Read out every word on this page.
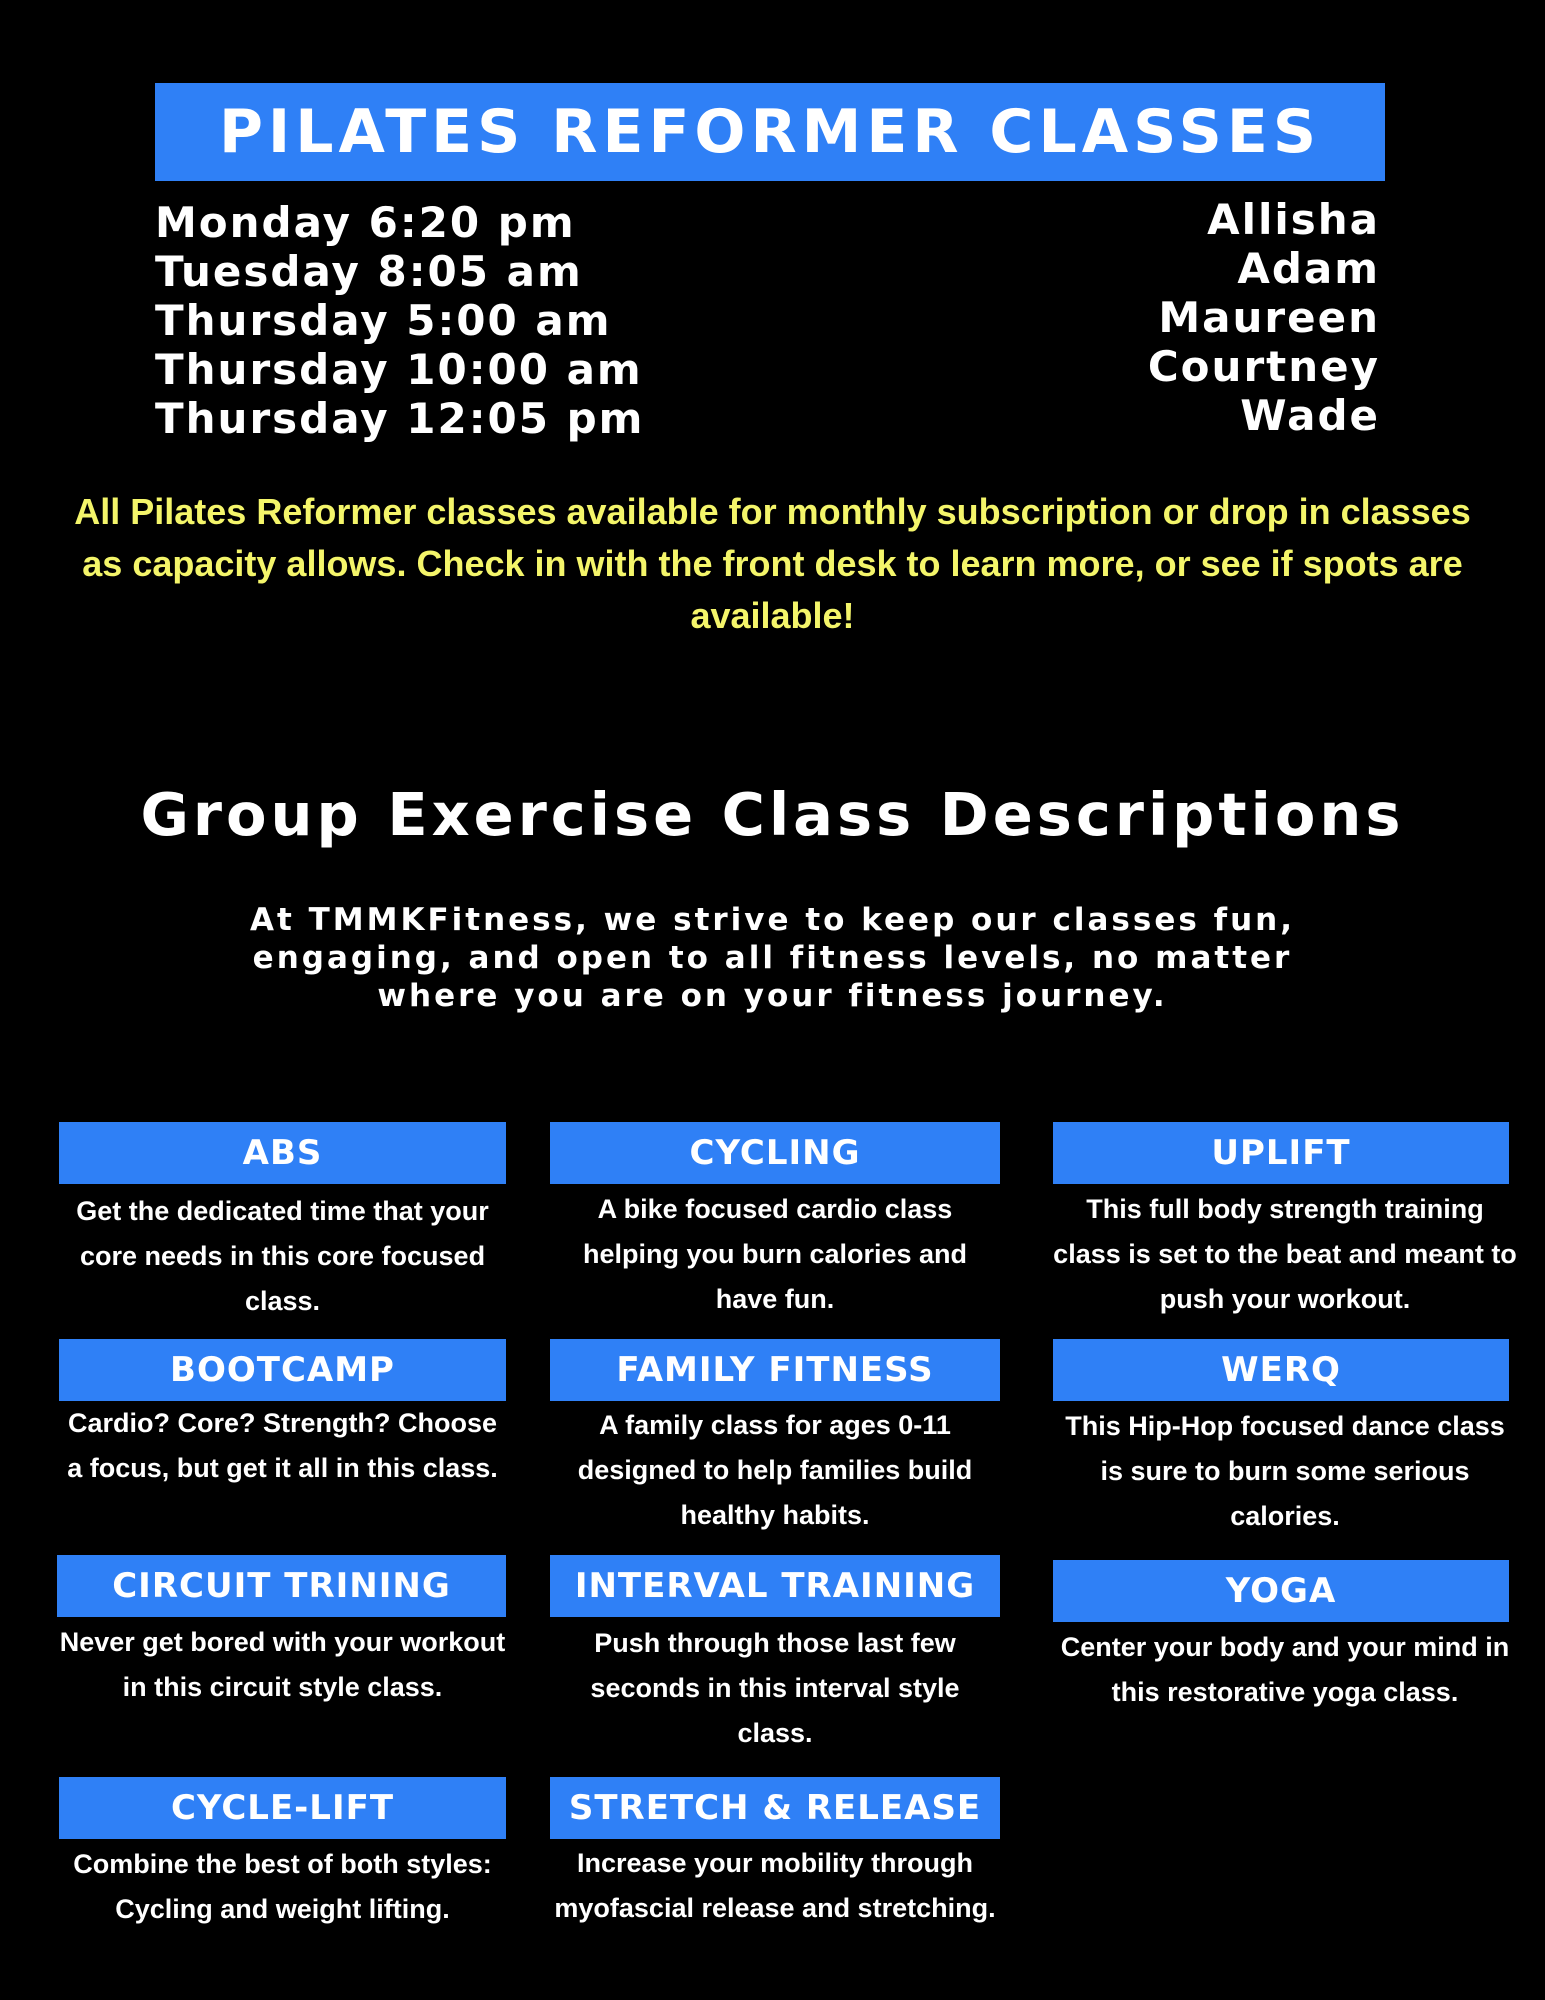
PILATES REFORMER CLASSES
Monday 6:20 pm
Tuesday 8:05 am
Thursday 5:00 am
Thursday 10:00 am
Thursday 12:05 pm
Allisha
Adam
Maureen
Courtney
Wade
All Pilates Reformer classes available for monthly subscription or drop in classes as capacity allows. Check in with the front desk to learn more, or see if spots are available!
Group Exercise Class Descriptions
At TMMKFitness, we strive to keep our classes fun, engaging, and open to all fitness levels, no matter where you are on your fitness journey.
ABS
Get the dedicated time that your core needs in this core focused class.
BOOTCAMP
Cardio? Core? Strength? Choose a focus, but get it all in this class.
CIRCUIT TRINING
Never get bored with your workout in this circuit style class.
CYCLE-LIFT
Combine the best of both styles: Cycling and weight lifting.
CYCLING
A bike focused cardio class helping you burn calories and have fun.
FAMILY FITNESS
A family class for ages 0-11 designed to help families build healthy habits.
INTERVAL TRAINING
Push through those last few seconds in this interval style class.
STRETCH & RELEASE
Increase your mobility through myofascial release and stretching.
UPLIFT
This full body strength training class is set to the beat and meant to push your workout.
WERQ
This Hip-Hop focused dance class is sure to burn some serious calories.
YOGA
Center your body and your mind in this restorative yoga class.
